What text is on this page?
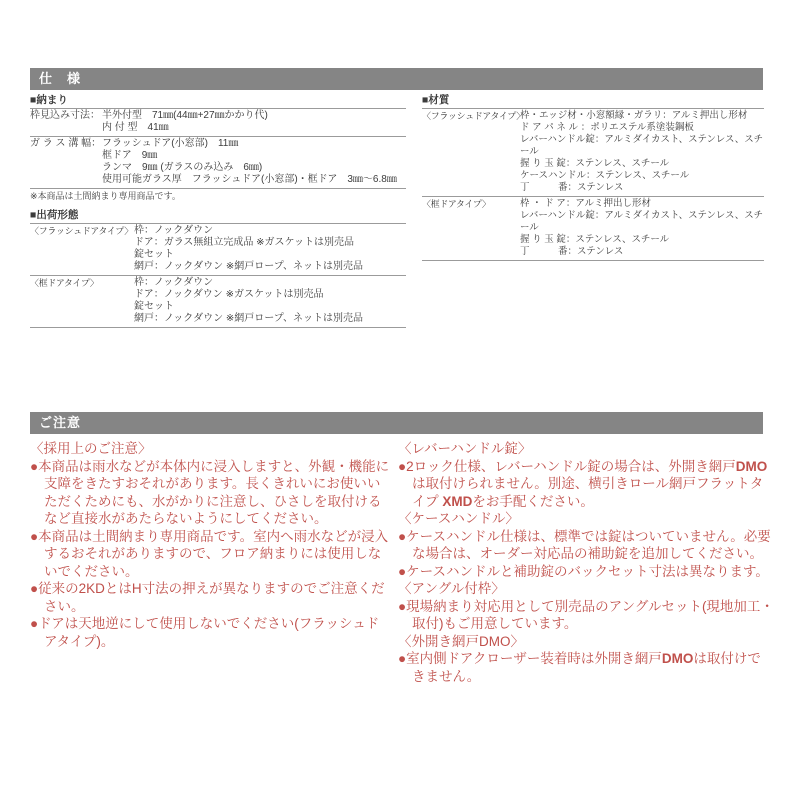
仕　様
■納まり
枠見込み寸法： 半外付型　71㎜(44㎜+27㎜かかり代)
内 付 型　41㎜
ガ ラ ス 溝 幅： フラッシュドア(小窓部)　11㎜
框ドア　9㎜
ランマ　9㎜ (ガラスのみ込み　6㎜)
使用可能ガラス厚　フラッシュドア(小窓部)・框ドア　3㎜～6.8㎜
※本商品は土間納まり専用商品です。
■出荷形態
〈フラッシュドアタイプ〉 枠：ノックダウン
ドア：ガラス無組立完成品 ※ガスケットは別売品
錠セット
網戸：ノックダウン ※網戸ロープ、ネットは別売品
〈框ドアタイプ〉	枠：ノックダウン
ドア：ノックダウン ※ガスケットは別売品
錠セット
網戸：ノックダウン ※網戸ロープ、ネットは別売品
■材質
〈フラッシュドアタイプ〉
枠・エッジ材・小窓額縁・ガラリ：アルミ押出し形材
ド ア パ ネ ル ：ポリエステル系塗装鋼板
レバーハンドル錠：アルミダイカスト、ステンレス、スチール
握 り 玉 錠：ステンレス、スチール
ケースハンドル：ステンレス、スチール
丁　　　番：ステンレス
〈框ドアタイプ〉	枠 ・ ド ア：アルミ押出し形材
レバーハンドル錠：アルミダイカスト、ステンレス、スチール
握 り 玉 錠：ステンレス、スチール
丁　　　番：ステンレス
ご注意
〈採用上のご注意〉
●本商品は雨水などが本体内に浸入しますと、外観・機能に支障をきたすおそれがあります。長くきれいにお使いいただくためにも、水がかりに注意し、ひさしを取付けるなど直接水があたらないようにしてください。
●本商品は土間納まり専用商品です。室内へ雨水などが浸入するおそれがありますので、フロア納まりには使用しないでください。
●従来の2KDとはH寸法の押えが異なりますのでご注意ください。
●ドアは天地逆にして使用しないでください(フラッシュドアタイプ)。
〈レバーハンドル錠〉
●2ロック仕様、レバーハンドル錠の場合は、外開き網戸DMOは取付けられません。別途、横引きロール網戸フラットタイプ XMDをお手配ください。
〈ケースハンドル〉
●ケースハンドル仕様は、標準では錠はついていません。必要な場合は、オーダー対応品の補助錠を追加してください。
●ケースハンドルと補助錠のバックセット寸法は異なります。
〈アングル付枠〉
●現場納まり対応用として別売品のアングルセット(現地加工・取付)もご用意しています。
〈外開き網戸DMO〉
●室内側ドアクローザー装着時は外開き網戸DMOは取付けできません。
